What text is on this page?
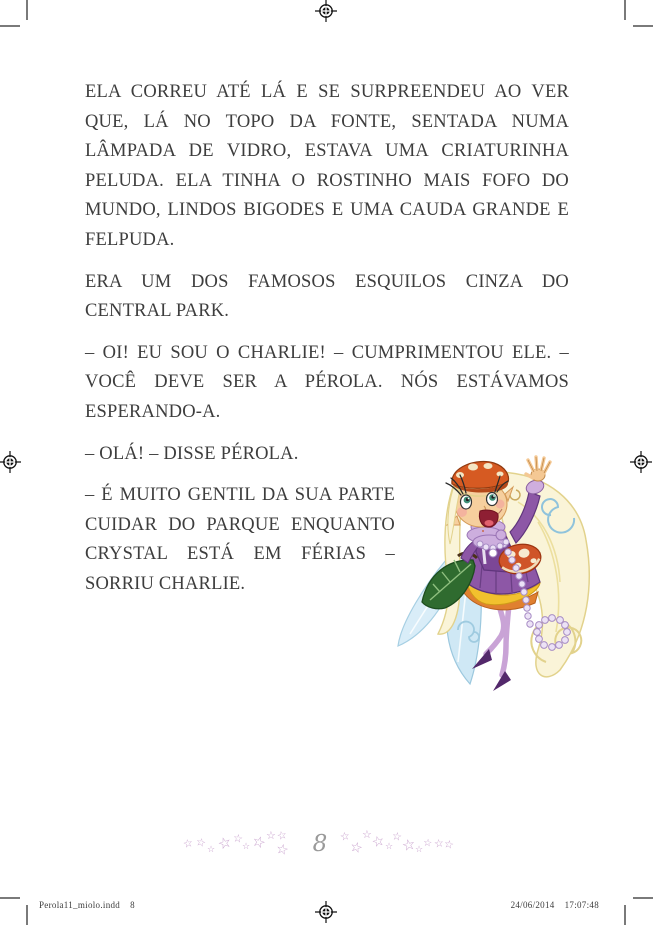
ELA CORREU ATÉ LÁ E SE SURPREENDEU AO VER QUE, LÁ NO TOPO DA FONTE, SENTADA NUMA LÂMPADA DE VIDRO, ESTAVA UMA CRIATURINHA PELUDA. ELA TINHA O ROSTINHO MAIS FOFO DO MUNDO, LINDOS BIGODES E UMA CAUDA GRANDE E FELPUDA.

ERA UM DOS FAMOSOS ESQUILOS CINZA DO CENTRAL PARK.

– OI! EU SOU O CHARLIE! – CUMPRIMENTOU ELE. – VOCÊ DEVE SER A PÉROLA. NÓS ESTÁVAMOS ESPERANDO-A.

– OLÁ! – DISSE PÉROLA.

– É MUITO GENTIL DA SUA PARTE CUIDAR DO PARQUE ENQUANTO CRYSTAL ESTÁ EM FÉRIAS – SORRIU CHARLIE.

☆ ☆ ☆ ☆
☆
☆ ☆
☆ ☆
☆
☆
☆
☆
☆
☆
☆
☆
☆
☆ ☆
☆
8
Perola11_miolo.indd 8	24/06/2014 17:07:48
